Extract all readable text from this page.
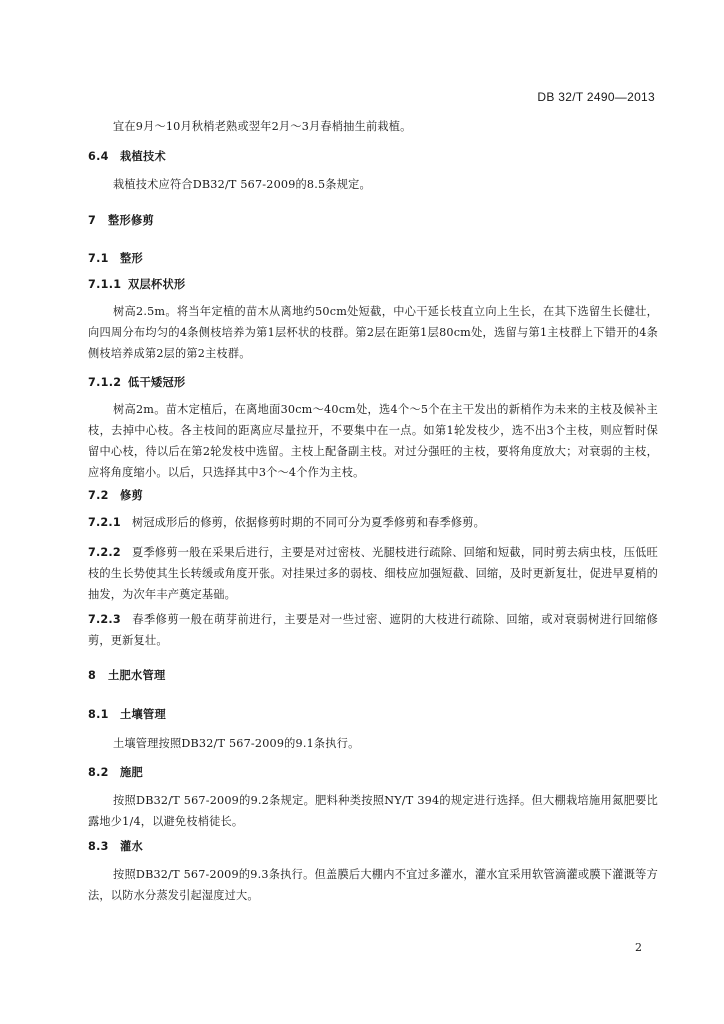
DB 32/T 2490—2013

宜在9月～10月秋梢老熟或翌年2月～3月春梢抽生前栽植。

6.4 栽植技术

栽植技术应符合DB32/T 567-2009的8.5条规定。

7 整形修剪

7.1 整形

7.1.1 双层杯状形

树高2.5m。将当年定植的苗木从离地约50cm处短截，中心干延长枝直立向上生长，在其下选留生长健壮，向四周分布均匀的4条侧枝培养为第1层杯状的枝群。第2层在距第1层80cm处，选留与第1主枝群上下错开的4条侧枝培养成第2层的第2主枝群。

7.1.2 低干矮冠形

树高2m。苗木定植后，在离地面30cm～40cm处，选4个～5个在主干发出的新梢作为未来的主枝及候补主枝，去掉中心枝。各主枝间的距离应尽量拉开，不要集中在一点。如第1轮发枝少，选不出3个主枝，则应暂时保留中心枝，待以后在第2轮发枝中选留。主枝上配备副主枝。对过分强旺的主枝，要将角度放大；对衰弱的主枝，应将角度缩小。以后，只选择其中3个～4个作为主枝。

7.2 修剪

7.2.1 树冠成形后的修剪，依据修剪时期的不同可分为夏季修剪和春季修剪。

7.2.2 夏季修剪一般在采果后进行，主要是对过密枝、光腿枝进行疏除、回缩和短截，同时剪去病虫枝，压低旺枝的生长势使其生长转缓或角度开张。对挂果过多的弱枝、细枝应加强短截、回缩，及时更新复壮，促进早夏梢的抽发，为次年丰产奠定基础。

7.2.3 春季修剪一般在萌芽前进行，主要是对一些过密、遮阴的大枝进行疏除、回缩，或对衰弱树进行回缩修剪，更新复壮。

8 土肥水管理

8.1 土壤管理

土壤管理按照DB32/T 567-2009的9.1条执行。

8.2 施肥

按照DB32/T 567-2009的9.2条规定。肥料种类按照NY/T 394的规定进行选择。但大棚栽培施用氮肥要比露地少1/4，以避免枝梢徒长。

8.3 灌水

按照DB32/T 567-2009的9.3条执行。但盖膜后大棚内不宜过多灌水，灌水宜采用软管滴灌或膜下灌溉等方法，以防水分蒸发引起湿度过大。

2
